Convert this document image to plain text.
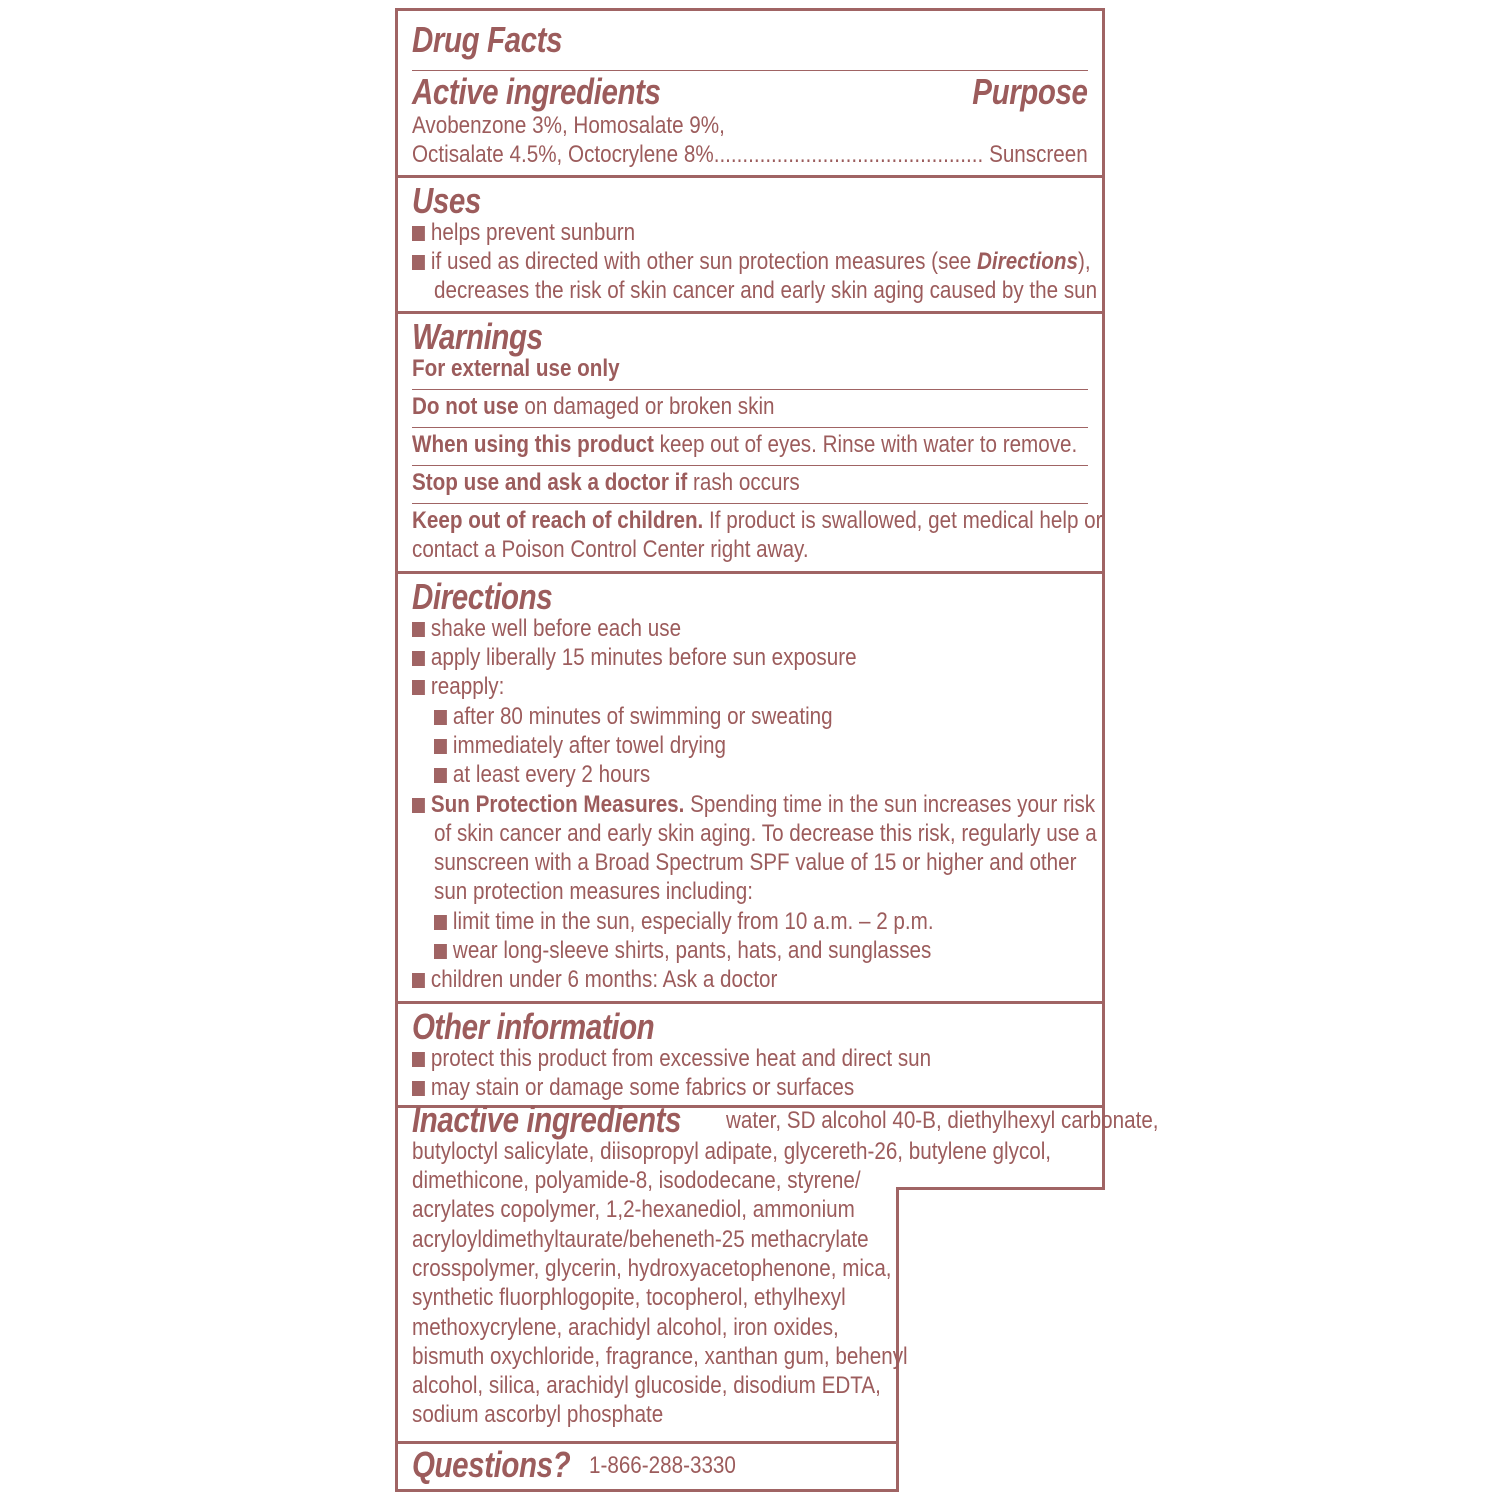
Drug Facts
Active ingredients	Purpose
Avobenzone 3%, Homosalate 9%,
Octisalate 4.5%, Octocrylene 8%............................................... Sunscreen
Uses
helps prevent sunburn
if used as directed with other sun protection measures (see Directions),
decreases the risk of skin cancer and early skin aging caused by the sun
Warnings
For external use only
Do not use on damaged or broken skin
When using this product keep out of eyes. Rinse with water to remove.
Stop use and ask a doctor if rash occurs
Keep out of reach of children. If product is swallowed, get medical help or
contact a Poison Control Center right away.
Directions
shake well before each use
apply liberally 15 minutes before sun exposure
reapply:
after 80 minutes of swimming or sweating
immediately after towel drying
at least every 2 hours
Sun Protection Measures. Spending time in the sun increases your risk
of skin cancer and early skin aging. To decrease this risk, regularly use a
sunscreen with a Broad Spectrum SPF value of 15 or higher and other
sun protection measures including:
limit time in the sun, especially from 10 a.m. – 2 p.m.
wear long-sleeve shirts, pants, hats, and sunglasses
children under 6 months: Ask a doctor
Other information
protect this product from excessive heat and direct sun
may stain or damage some fabrics or surfaces
Inactive ingredients water, SD alcohol 40-B, diethylhexyl carbonate,
butyloctyl salicylate, diisopropyl adipate, glycereth-26, butylene glycol,
dimethicone, polyamide-8, isododecane, styrene/
acrylates copolymer, 1,2-hexanediol, ammonium
acryloyldimethyltaurate/beheneth-25 methacrylate
crosspolymer, glycerin, hydroxyacetophenone, mica,
synthetic fluorphlogopite, tocopherol, ethylhexyl
methoxycrylene, arachidyl alcohol, iron oxides,
bismuth oxychloride, fragrance, xanthan gum, behenyl
alcohol, silica, arachidyl glucoside, disodium EDTA,
sodium ascorbyl phosphate
Questions? 1-866-288-3330
